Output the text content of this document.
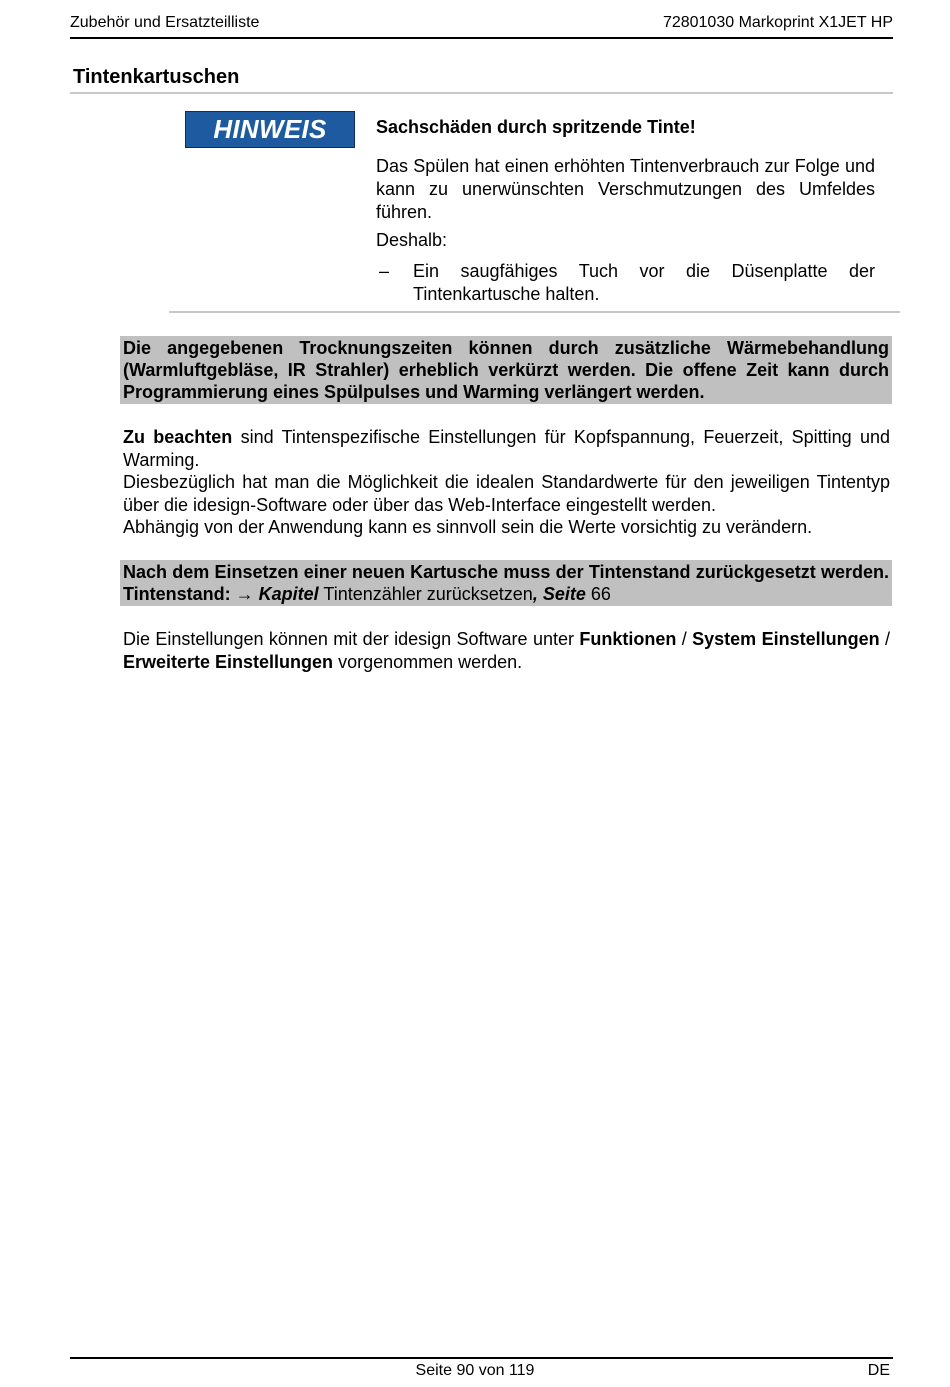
Zubehör und Ersatzteilliste	72801030 Markoprint X1JET HP
Tintenkartuschen
HINWEIS	Sachschäden durch spritzende Tinte!

Das Spülen hat einen erhöhten Tintenverbrauch zur Folge und kann zu unerwünschten Verschmutzungen des Umfeldes führen.

Deshalb:

–	Ein saugfähiges Tuch vor die Düsenplatte der Tintenkartusche halten.
Die angegebenen Trocknungszeiten können durch zusätzliche Wärmebehandlung (Warmluftgebläse, IR Strahler) erheblich verkürzt werden. Die offene Zeit kann durch Programmierung eines Spülpulses und Warming verlängert werden.

Zu beachten sind Tintenspezifische Einstellungen für Kopfspannung, Feuerzeit, Spitting und Warming.

Diesbezüglich hat man die Möglichkeit die idealen Standardwerte für den jeweiligen Tintentyp über die idesign-Software oder über das Web-Interface eingestellt werden.

Abhängig von der Anwendung kann es sinnvoll sein die Werte vorsichtig zu verändern.

Nach dem Einsetzen einer neuen Kartusche muss der Tintenstand zurückgesetzt werden. Tintenstand: → Kapitel Tintenzähler zurücksetzen, Seite 66

Die Einstellungen können mit der idesign Software unter Funktionen / System Einstellungen / Erweiterte Einstellungen vorgenommen werden.

Seite 90 von 119	DE
